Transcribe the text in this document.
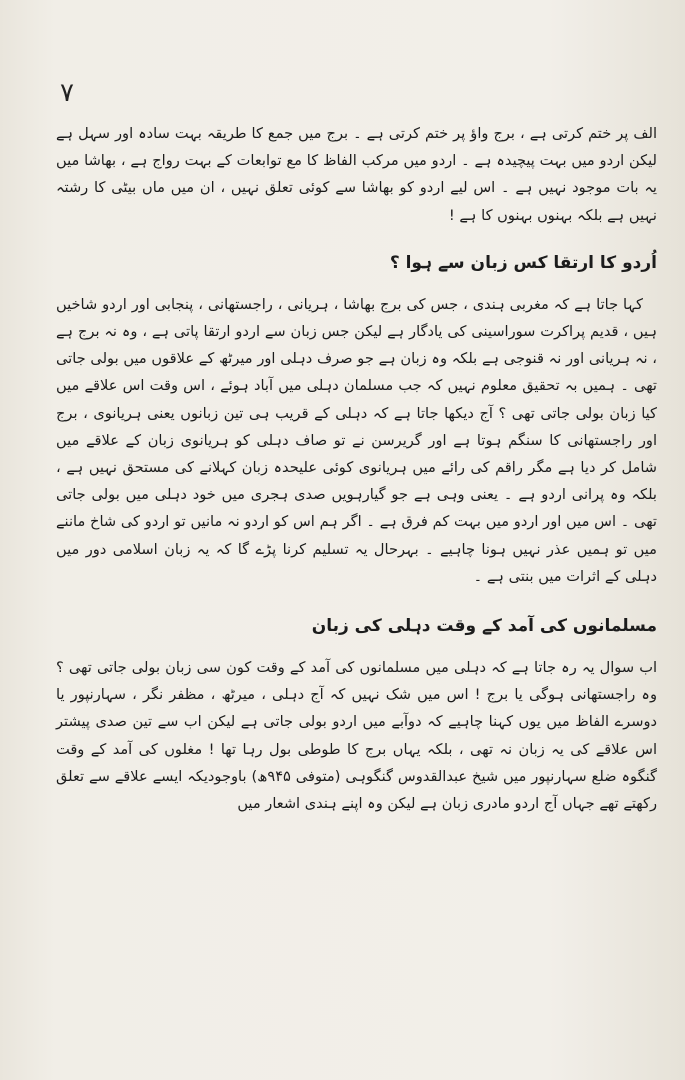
۷

الف پر ختم کرتی ہے ، برج واؤ پر ختم کرتی ہے ۔ برج میں جمع کا طریقہ بہت سادہ اور سہل ہے لیکن اردو میں بہت پیچیدہ ہے ۔ اردو میں مرکب الفاظ کا مع توابعات کے بہت رواج ہے ، بھاشا میں یہ بات موجود نہیں ہے ۔ اس لیے اردو کو بھاشا سے کوئی تعلق نہیں ، ان میں ماں بیٹی کا رشتہ نہیں ہے بلکہ بہنوں بہنوں کا ہے !

اُردو کا ارتقا کس زبان سے ہوا ؟

کہا جاتا ہے کہ مغربی ہندی ، جس کی برج بھاشا ، ہریانی ، راجستھانی ، پنجابی اور اردو شاخیں ہیں ، قدیم پراکرت سوراسینی کی یادگار ہے لیکن جس زبان سے اردو ارتقا پاتی ہے ، وہ نہ برج ہے ، نہ ہریانی اور نہ قنوجی ہے بلکہ وہ زبان ہے جو صرف دہلی اور میرٹھ کے علاقوں میں بولی جاتی تھی ۔ ہمیں بہ تحقیق معلوم نہیں کہ جب مسلمان دہلی میں آباد ہوئے ، اس وقت اس علاقے میں کیا زبان بولی جاتی تھی ؟ آج دیکھا جاتا ہے کہ دہلی کے قریب ہی تین زبانوں یعنی ہریانوی ، برج اور راجستھانی کا سنگم ہوتا ہے اور گریرسن نے تو صاف دہلی کو ہریانوی زبان کے علاقے میں شامل کر دیا ہے مگر راقم کی رائے میں ہریانوی کوئی علیحدہ زبان کہلانے کی مستحق نہیں ہے ، بلکہ وہ پرانی اردو ہے ۔ یعنی وہی ہے جو گیارہویں صدی ہجری میں خود دہلی میں بولی جاتی تھی ۔ اس میں اور اردو میں بہت کم فرق ہے ۔ اگر ہم اس کو اردو نہ مانیں تو اردو کی شاخ ماننے میں تو ہمیں عذر نہیں ہونا چاہیے ۔ بہرحال یہ تسلیم کرنا پڑے گا کہ یہ زبان اسلامی دور میں دہلی کے اثرات میں بنتی ہے ۔

مسلمانوں کی آمد کے وقت دہلی کی زبان

اب سوال یہ رہ جاتا ہے کہ دہلی میں مسلمانوں کی آمد کے وقت کون سی زبان بولی جاتی تھی ؟ وہ راجستھانی ہوگی یا برج ! اس میں شک نہیں کہ آج دہلی ، میرٹھ ، مظفر نگر ، سہارنپور یا دوسرے الفاظ میں یوں کہنا چاہیے کہ دوآبے میں اردو بولی جاتی ہے لیکن اب سے تین صدی پیشتر اس علاقے کی یہ زبان نہ تھی ، بلکہ یہاں برج کا طوطی بول رہا تھا ! مغلوں کی آمد کے وقت گنگوہ ضلع سہارنپور میں شیخ عبدالقدوس گنگوہی (متوفی ۹۴۵ھ) باوجودیکہ ایسے علاقے سے تعلق رکھتے تھے جہاں آج اردو مادری زبان ہے لیکن وہ اپنے ہندی اشعار میں
